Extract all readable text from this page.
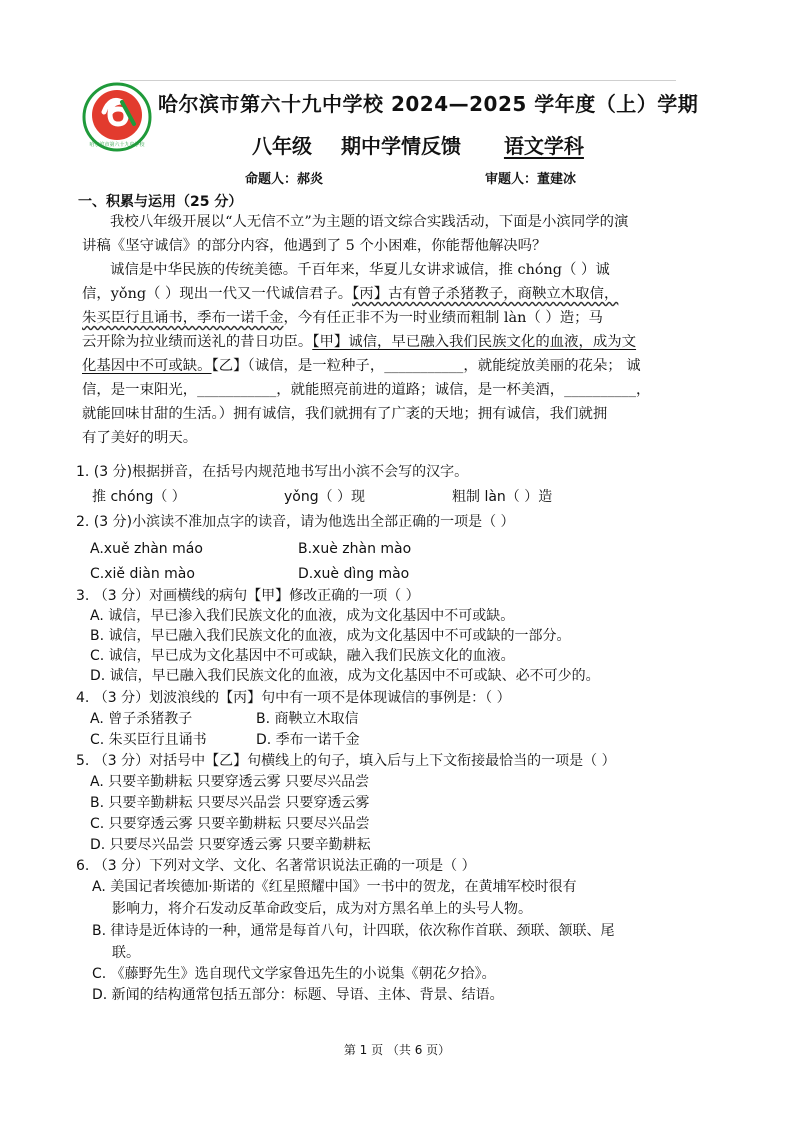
哈尔滨市第六十九中学校
哈尔滨市第六十九中学校 2024—2025 学年度（上）学期
八年级 期中学情反馈 语文学科
命题人：郝炎	审题人：董建冰
一、积累与运用（25 分）
我校八年级开展以“人无信不立”为主题的语文综合实践活动，下面是小滨同学的演
讲稿《坚守诚信》的部分内容，他遇到了 5 个小困难，你能帮他解决吗？
诚信是中华民族的传统美德。千百年来，华夏儿女讲求诚信，推 chóng（ ）诚
信，yǒng（ ）现出一代又一代诚信君子。【丙】古有曾子杀猪教子，商鞅立木取信，
朱买臣行且诵书，季布一诺千金，今有任正非不为一时业绩而粗制 làn（ ）造；马
云开除为拉业绩而送礼的昔日功臣。【甲】诚信，早已融入我们民族文化的血液，成为文
化基因中不可或缺。【乙】（诚信，是一粒种子，___________，就能绽放美丽的花朵； 诚
信，是一束阳光，___________，就能照亮前进的道路；诚信，是一杯美酒，__________，
就能回味甘甜的生活。）拥有诚信，我们就拥有了广袤的天地；拥有诚信，我们就拥
有了美好的明天。
1. (3 分)根据拼音，在括号内规范地书写出小滨不会写的汉字。
推 chóng（ ）	yǒng（ ）现	粗制 làn（ ）造
2. (3 分)小滨读不准加点字的读音，请为他选出全部正确的一项是（ ）
A.xuě zhàn máo	B.xuè zhàn mào
C.xiě diàn mào	D.xuè dìng mào
3. （3 分）对画横线的病句【甲】修改正确的一项（ ）
A. 诚信，早已渗入我们民族文化的血液，成为文化基因中不可或缺。
B. 诚信，早已融入我们民族文化的血液，成为文化基因中不可或缺的一部分。
C. 诚信，早已成为文化基因中不可或缺，融入我们民族文化的血液。
D. 诚信，早已融入我们民族文化的血液，成为文化基因中不可或缺、必不可少的。
4. （3 分）划波浪线的【丙】句中有一项不是体现诚信的事例是：（ ）
A. 曾子杀猪教子	B. 商鞅立木取信
C. 朱买臣行且诵书	D. 季布一诺千金
5. （3 分）对括号中【乙】句横线上的句子，填入后与上下文衔接最恰当的一项是（ ）
A. 只要辛勤耕耘 只要穿透云雾 只要尽兴品尝
B. 只要辛勤耕耘 只要尽兴品尝 只要穿透云雾
C. 只要穿透云雾 只要辛勤耕耘 只要尽兴品尝
D. 只要尽兴品尝 只要穿透云雾 只要辛勤耕耘
6. （3 分）下列对文学、文化、名著常识说法正确的一项是（ ）
A. 美国记者埃德加·斯诺的《红星照耀中国》一书中的贺龙，在黄埔军校时很有
影响力，将介石发动反革命政变后，成为对方黑名单上的头号人物。
B. 律诗是近体诗的一种，通常是每首八句，计四联，依次称作首联、颈联、颔联、尾
联。
C. 《藤野先生》选自现代文学家鲁迅先生的小说集《朝花夕拾》。
D. 新闻的结构通常包括五部分：标题、导语、主体、背景、结语。
第 1 页 （共 6 页）
